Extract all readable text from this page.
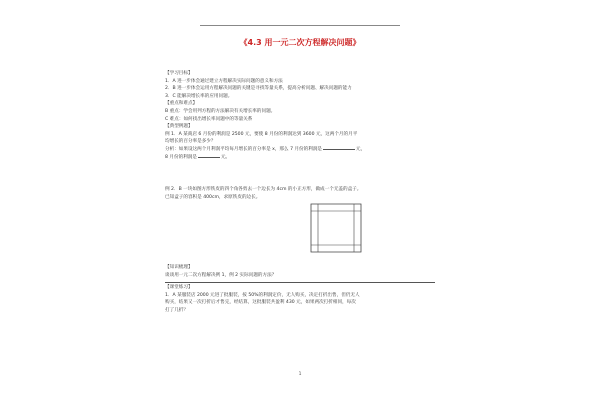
《4.3 用一元二次方程解决问题》
【学习目标】
1．A 进一步体会通过建立方程解决实际问题的意义和方法
2．B 进一步体会运用方程解决问题的关键是寻找等量关系，提高分析问题、解决问题的能力
3．C 能解决增长率的应用问题。
【重点和难点】
B 重点：学会用列方程的方法解决有关增长率的问题。
C 难点：如何找出增长率问题中的等量关系
【典型例题】
例 1．A 某商店 6 月份的利润是 2500 元，要使 8 月份的利润达到 3600 元，这两个月的月平
均增长的百分率是多少？
分析：如果设这两个月利润平均每月增长的百分率是 x，那么 7 月份的利润是	元，
8 月份的利润是	元。
例 2．B 一块如图方形铁皮的四个角各剪去一个边长为 4cm 的小正方形，做成一个无盖的盒子。
已知盒子的容积是 400cm，求原铁皮的边长。
【知识梳理】
谈谈用一元二次方程解决例 1，例 2 实际问题的方法？
【课堂练习】
1．A 某服装店 2000 元进了批服装，按 50%的利润定价，无人购买，决定打折出售，但仍无人
购买，结果又一次打折后才售完，经结算，这批服装共盈利 430 元，如果两次打折相同，每次
打了几折？
1
